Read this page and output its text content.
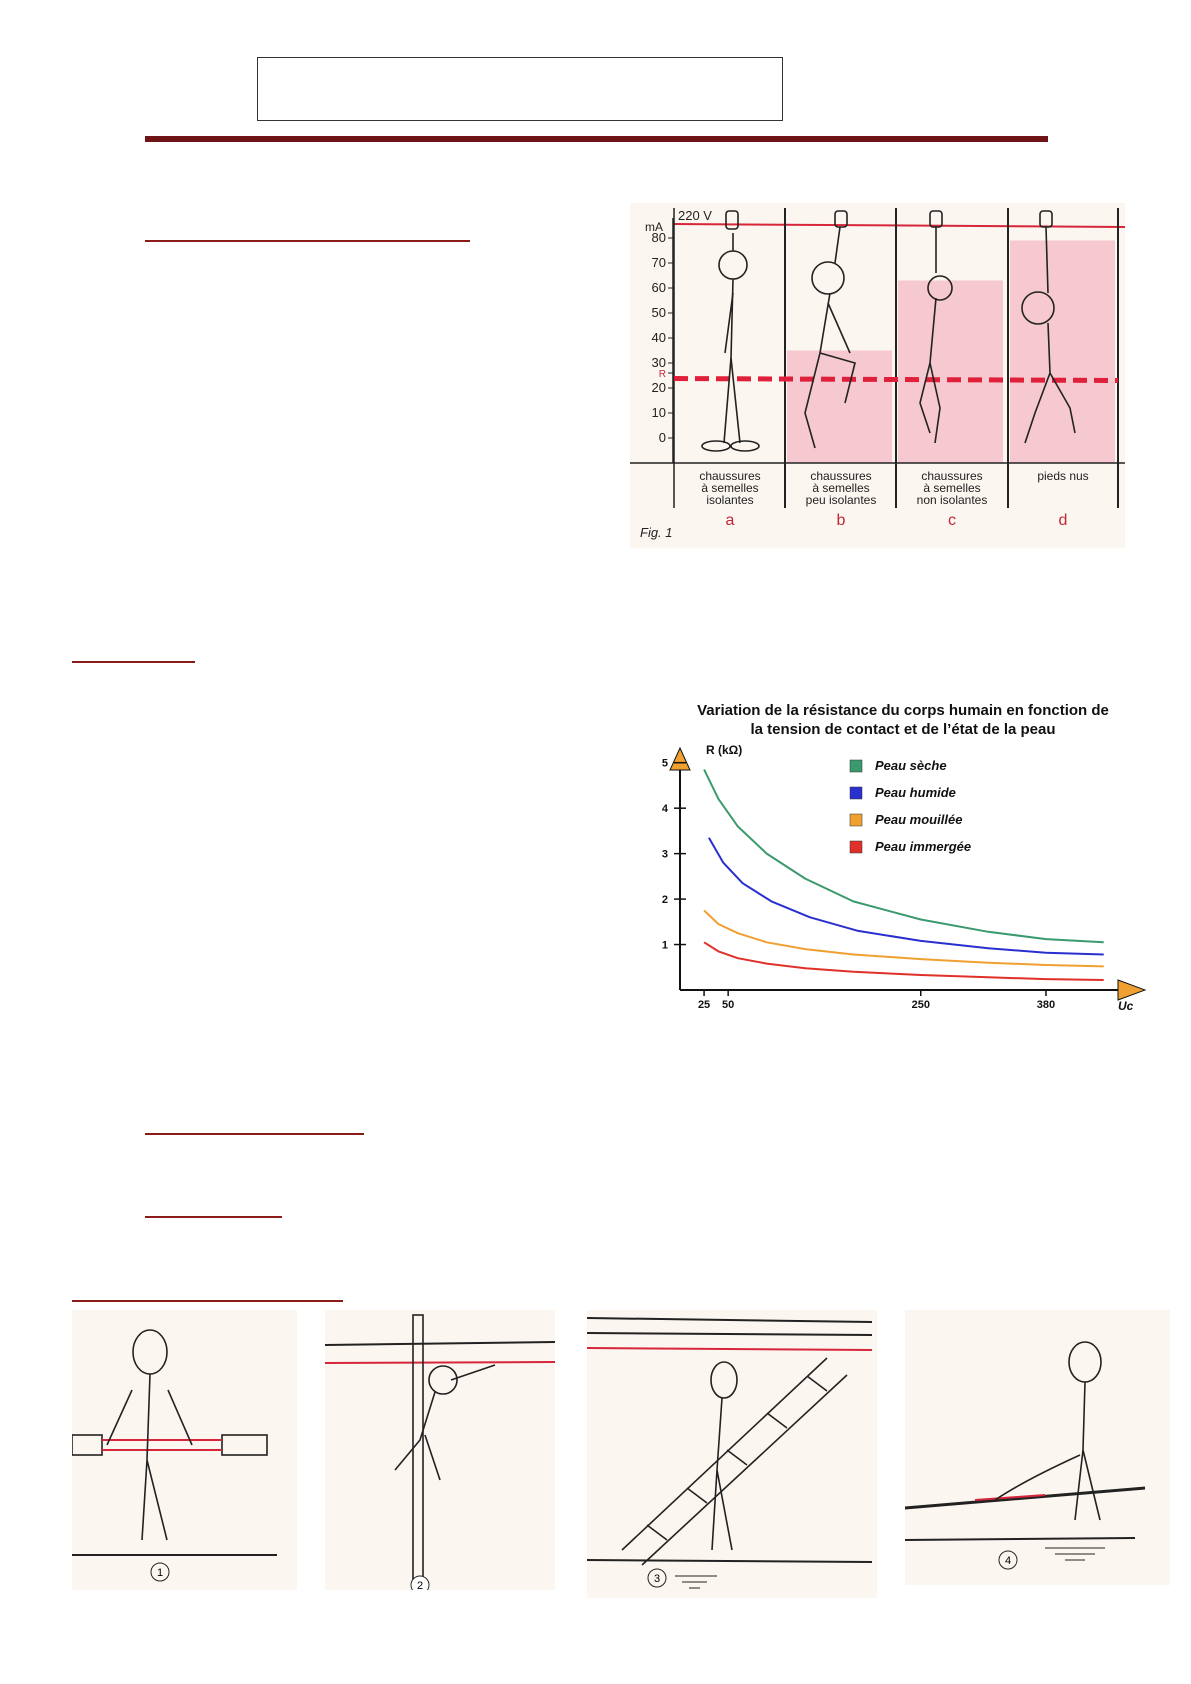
220 V
mA
80
70
60
50
40
30
R
20
10
0
chaussures
à semelles
isolantes
a
chaussures
à semelles
peu isolantes
b
chaussures
à semelles
non isolantes
c
pieds nus
d
Fig. 1
Variation de la résistance du corps humain en fonction de
la tension de contact et de l’état de la peau
R (kΩ)
Uc
25 50	250	380
1
2
3
4
5	Peau sèche
Peau humide
Peau mouillée
Peau immergée
1
2
3
4
